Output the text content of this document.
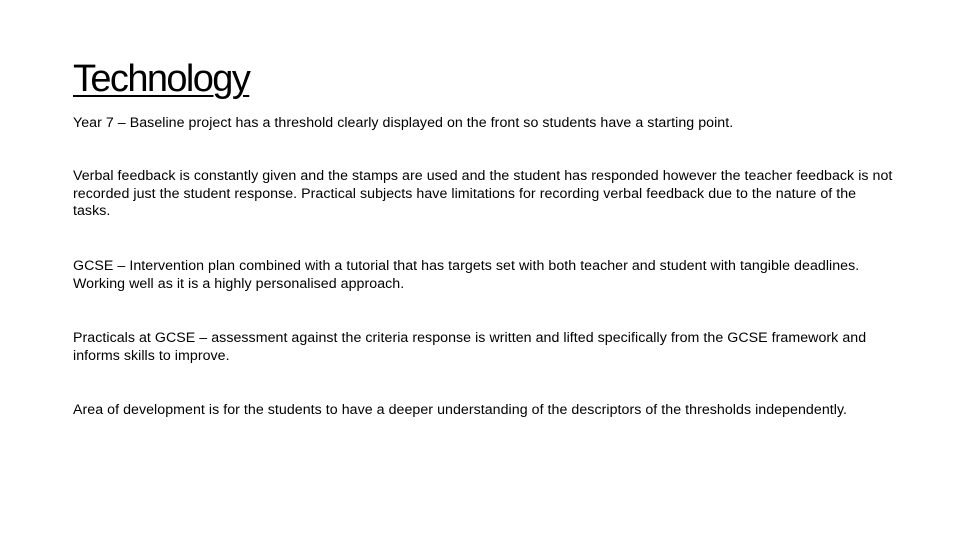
Technology

Year 7 – Baseline project has a threshold clearly displayed on the front so students have a starting point.

Verbal feedback is constantly given and the stamps are used and the student has responded however the teacher feedback is not recorded just the student response. Practical subjects have limitations for recording verbal feedback due to the nature of the tasks.

GCSE – Intervention plan combined with a tutorial that has targets set with both teacher and student with tangible deadlines. Working well as it is a highly personalised approach.

Practicals at GCSE – assessment against the criteria response is written and lifted specifically from the GCSE framework and informs skills to improve.

Area of development is for the students to have a deeper understanding of the descriptors of the thresholds independently.
